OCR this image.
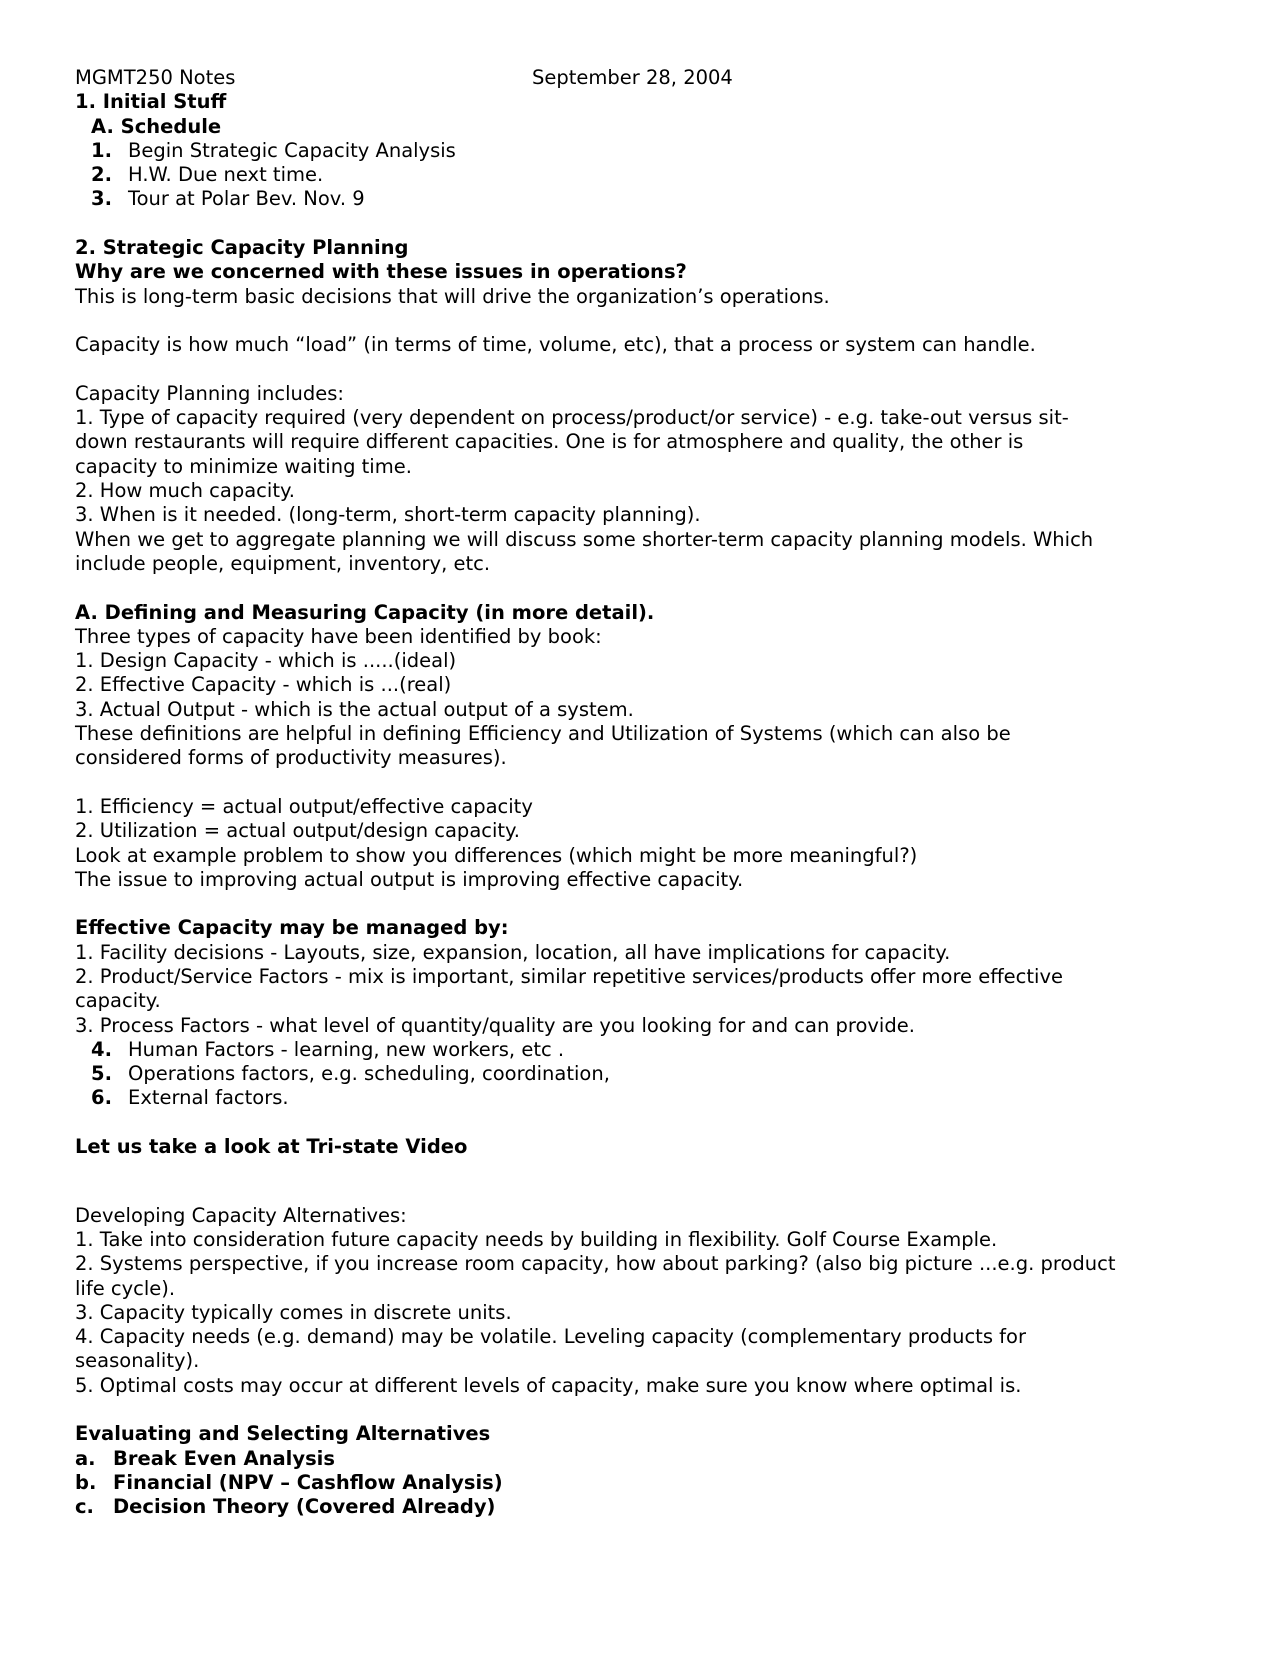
MGMT250 Notes	September 28, 2004
1. Initial Stuff
A. Schedule
1. Begin Strategic Capacity Analysis
2. H.W. Due next time.
3. Tour at Polar Bev. Nov. 9
2. Strategic Capacity Planning
Why are we concerned with these issues in operations?
This is long-term basic decisions that will drive the organization’s operations.
Capacity is how much “load” (in terms of time, volume, etc), that a process or system can handle.
Capacity Planning includes:
1. Type of capacity required (very dependent on process/product/or service) - e.g. take-out versus sit-
down restaurants will require different capacities. One is for atmosphere and quality, the other is
capacity to minimize waiting time.
2. How much capacity.
3. When is it needed. (long-term, short-term capacity planning).
When we get to aggregate planning we will discuss some shorter-term capacity planning models. Which
include people, equipment, inventory, etc.
A. Defining and Measuring Capacity (in more detail).
Three types of capacity have been identified by book:
1. Design Capacity - which is .....(ideal)
2. Effective Capacity - which is ...(real)
3. Actual Output - which is the actual output of a system.
These definitions are helpful in defining Efficiency and Utilization of Systems (which can also be
considered forms of productivity measures).
1. Efficiency = actual output/effective capacity
2. Utilization = actual output/design capacity.
Look at example problem to show you differences (which might be more meaningful?)
The issue to improving actual output is improving effective capacity.
Effective Capacity may be managed by:
1. Facility decisions - Layouts, size, expansion, location, all have implications for capacity.
2. Product/Service Factors - mix is important, similar repetitive services/products offer more effective
capacity.
3. Process Factors - what level of quantity/quality are you looking for and can provide.
4. Human Factors - learning, new workers, etc .
5. Operations factors, e.g. scheduling, coordination,
6. External factors.
Let us take a look at Tri-state Video
Developing Capacity Alternatives:
1. Take into consideration future capacity needs by building in flexibility. Golf Course Example.
2. Systems perspective, if you increase room capacity, how about parking? (also big picture ...e.g. product
life cycle).
3. Capacity typically comes in discrete units.
4. Capacity needs (e.g. demand) may be volatile. Leveling capacity (complementary products for
seasonality).
5. Optimal costs may occur at different levels of capacity, make sure you know where optimal is.
Evaluating and Selecting Alternatives
a. Break Even Analysis
b. Financial (NPV – Cashflow Analysis)
c. Decision Theory (Covered Already)
